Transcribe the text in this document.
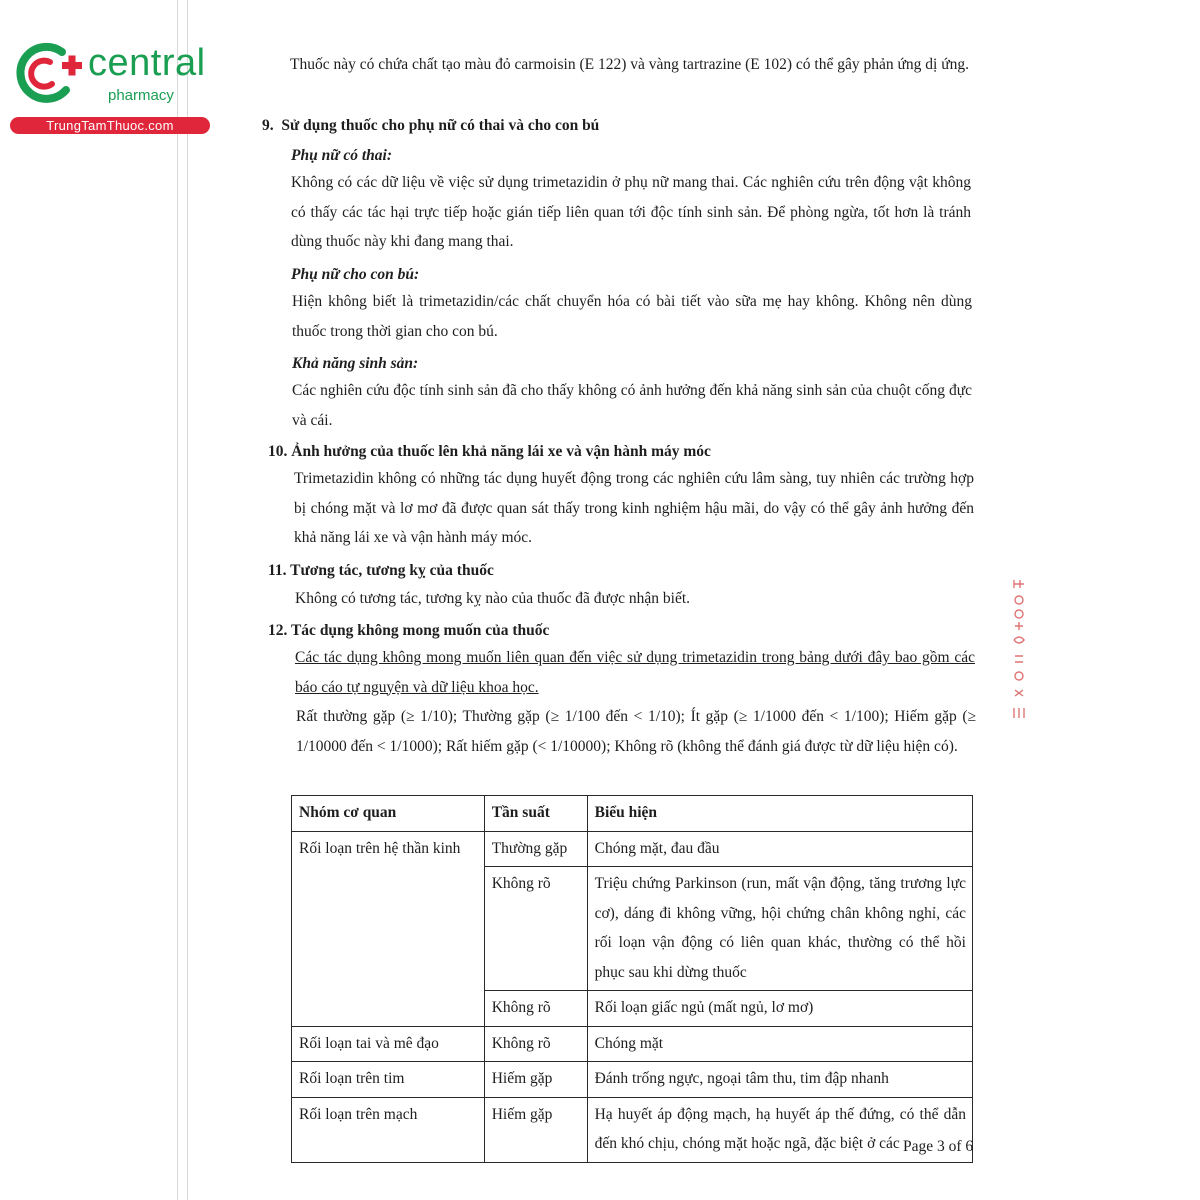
central
pharmacy
TrungTamThuoc.com

Thuốc này có chứa chất tạo màu đỏ carmoisin (E 122) và vàng tartrazine (E 102) có thể gây phản ứng dị ứng.

9.  Sử dụng thuốc cho phụ nữ có thai và cho con bú
Phụ nữ có thai:

Không có các dữ liệu về việc sử dụng trimetazidin ở phụ nữ mang thai. Các nghiên cứu trên động vật không có thấy các tác hại trực tiếp hoặc gián tiếp liên quan tới độc tính sinh sản. Để phòng ngừa, tốt hơn là tránh dùng thuốc này khi đang mang thai.

Phụ nữ cho con bú:

Hiện không biết là trimetazidin/các chất chuyển hóa có bài tiết vào sữa mẹ hay không. Không nên dùng thuốc trong thời gian cho con bú.

Khả năng sinh sản:

Các nghiên cứu độc tính sinh sản đã cho thấy không có ảnh hưởng đến khả năng sinh sản của chuột cống đực và cái.

10. Ảnh hưởng của thuốc lên khả năng lái xe và vận hành máy móc

Trimetazidin không có những tác dụng huyết động trong các nghiên cứu lâm sàng, tuy nhiên các trường hợp bị chóng mặt và lơ mơ đã được quan sát thấy trong kinh nghiệm hậu mãi, do vậy có thể gây ảnh hưởng đến khả năng lái xe và vận hành máy móc.

11. Tương tác, tương kỵ của thuốc

Không có tương tác, tương kỵ nào của thuốc đã được nhận biết.

12. Tác dụng không mong muốn của thuốc

Các tác dụng không mong muốn liên quan đến việc sử dụng trimetazidin trong bảng dưới đây bao gồm các báo cáo tự nguyện và dữ liệu khoa học.

Rất thường gặp (≥ 1/10); Thường gặp (≥ 1/100 đến < 1/10); Ít gặp (≥ 1/1000 đến < 1/100); Hiếm gặp (≥ 1/10000 đến < 1/1000); Rất hiếm gặp (< 1/10000); Không rõ (không thể đánh giá được từ dữ liệu hiện có).

Nhóm cơ quan	Tần suất	Biểu hiện
Rối loạn trên hệ thần kinh	Thường gặp	Chóng mặt, đau đầu
	Không rõ	Triệu chứng Parkinson (run, mất vận động, tăng trương lực cơ), dáng đi không vững, hội chứng chân không nghỉ, các rối loạn vận động có liên quan khác, thường có thể hồi phục sau khi dừng thuốc
	Không rõ	Rối loạn giấc ngủ (mất ngủ, lơ mơ)
Rối loạn tai và mê đạo	Không rõ	Chóng mặt
Rối loạn trên tim	Hiếm gặp	Đánh trống ngực, ngoại tâm thu, tim đập nhanh
Rối loạn trên mạch	Hiếm gặp	Hạ huyết áp động mạch, hạ huyết áp thế đứng, có thể dẫn đến khó chịu, chóng mặt hoặc ngã, đặc biệt ở các Page 3 of 6
